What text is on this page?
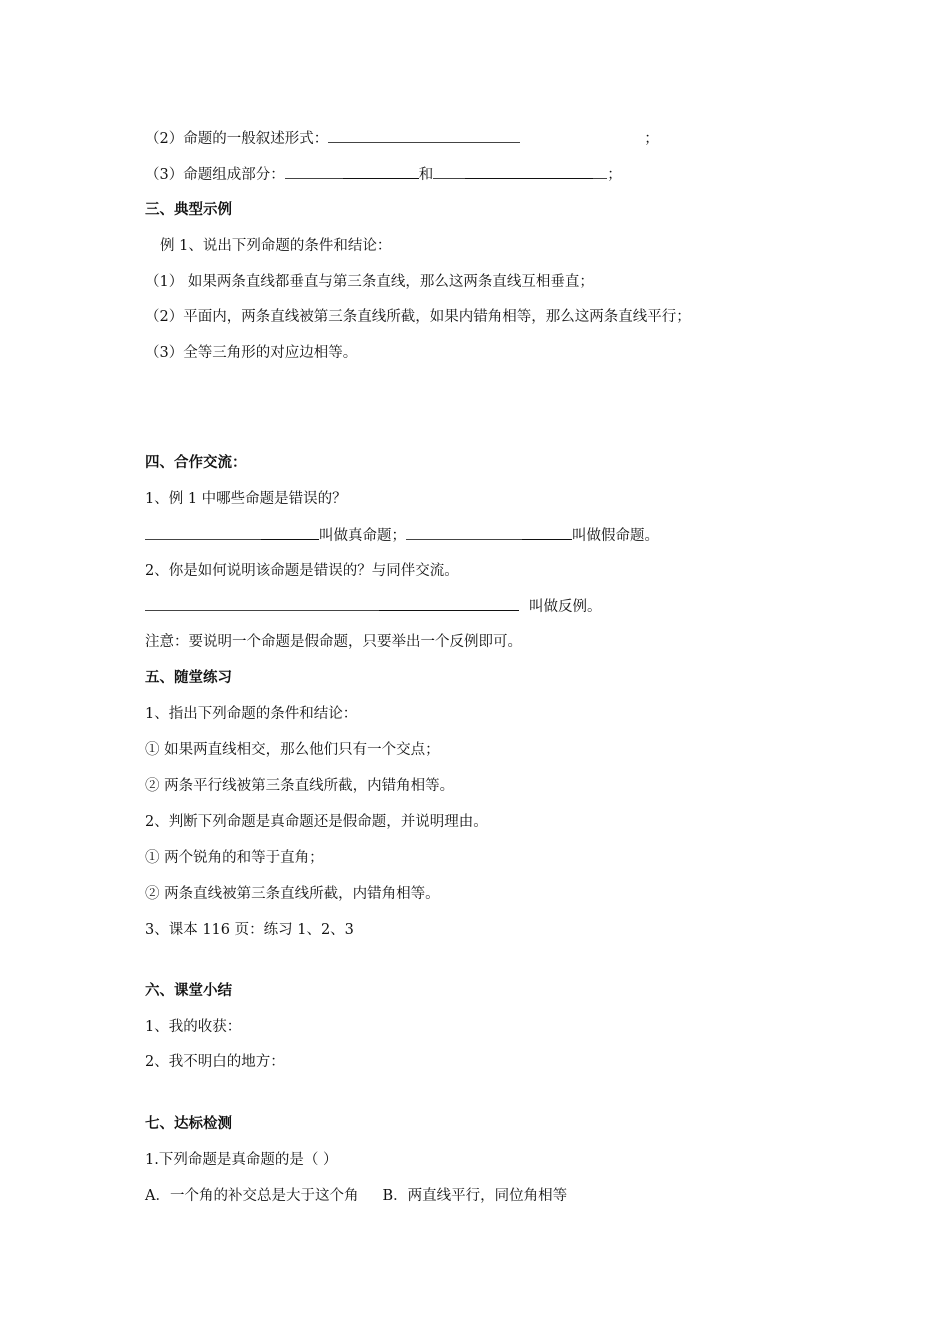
（2）命题的一般叙述形式：	；
（3）命题组成部分：	和	；
三、典型示例
例 1、说出下列命题的条件和结论：
（1） 如果两条直线都垂直与第三条直线，那么这两条直线互相垂直；
（2）平面内，两条直线被第三条直线所截，如果内错角相等，那么这两条直线平行；
（3）全等三角形的对应边相等。
四、合作交流：
1、例 1 中哪些命题是错误的？
叫做真命题；	叫做假命题。
2、你是如何说明该命题是错误的？与同伴交流。
叫做反例。
注意：要说明一个命题是假命题，只要举出一个反例即可。
五、随堂练习
1、指出下列命题的条件和结论：
① 如果两直线相交，那么他们只有一个交点；
② 两条平行线被第三条直线所截，内错角相等。
2、判断下列命题是真命题还是假命题，并说明理由。
① 两个锐角的和等于直角；
② 两条直线被第三条直线所截，内错角相等。
3、课本 116 页：练习 1、2、3
六、课堂小结
1、我的收获：
2、我不明白的地方：
七、达标检测
1.下列命题是真命题的是（ ）
A．一个角的补交总是大于这个角 B．两直线平行，同位角相等
